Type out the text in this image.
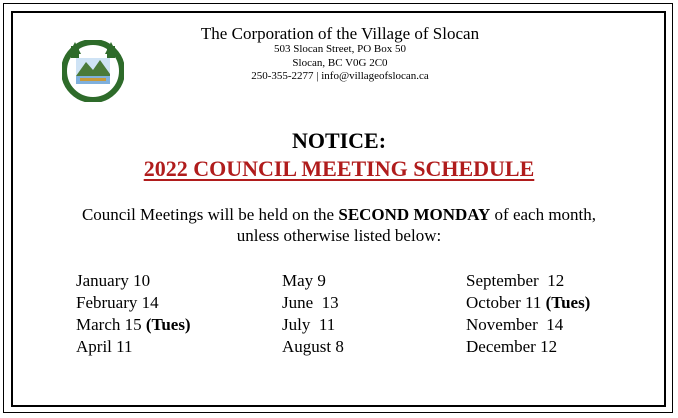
The Corporation of the Village of Slocan
503 Slocan Street, PO Box 50
Slocan, BC V0G 2C0
250-355-2277 | info@villageofslocan.ca
NOTICE:
2022 COUNCIL MEETING SCHEDULE
Council Meetings will be held on the SECOND MONDAY of each month,
unless otherwise listed below:
January 10
February 14
March 15 (Tues)
April 11
May 9
June  13
July  11
August 8
September  12
October 11 (Tues)
November  14
December 12
